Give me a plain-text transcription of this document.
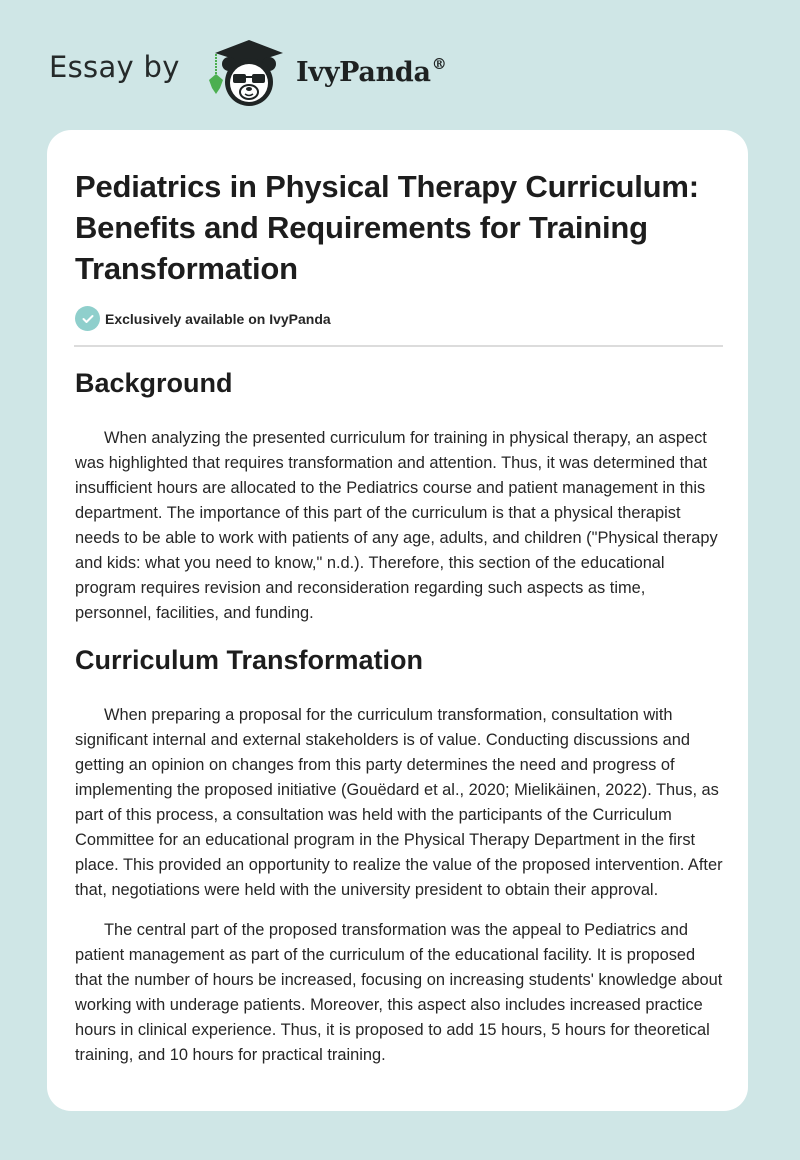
Essay by	IvyPanda®
Pediatrics in Physical Therapy Curriculum: Benefits and Requirements for Training Transformation
Exclusively available on IvyPanda
Background

When analyzing the presented curriculum for training in physical therapy, an aspect was highlighted that requires transformation and attention. Thus, it was determined that insufficient hours are allocated to the Pediatrics course and patient management in this department. The importance of this part of the curriculum is that a physical therapist needs to be able to work with patients of any age, adults, and children ("Physical therapy and kids: what you need to know," n.d.). Therefore, this section of the educational program requires revision and reconsideration regarding such aspects as time, personnel, facilities, and funding.

Curriculum Transformation

When preparing a proposal for the curriculum transformation, consultation with significant internal and external stakeholders is of value. Conducting discussions and getting an opinion on changes from this party determines the need and progress of implementing the proposed initiative (Gouëdard et al., 2020; Mielikäinen, 2022). Thus, as part of this process, a consultation was held with the participants of the Curriculum Committee for an educational program in the Physical Therapy Department in the first place. This provided an opportunity to realize the value of the proposed intervention. After that, negotiations were held with the university president to obtain their approval.

The central part of the proposed transformation was the appeal to Pediatrics and patient management as part of the curriculum of the educational facility. It is proposed that the number of hours be increased, focusing on increasing students' knowledge about working with underage patients. Moreover, this aspect also includes increased practice hours in clinical experience. Thus, it is proposed to add 15 hours, 5 hours for theoretical training, and 10 hours for practical training.
